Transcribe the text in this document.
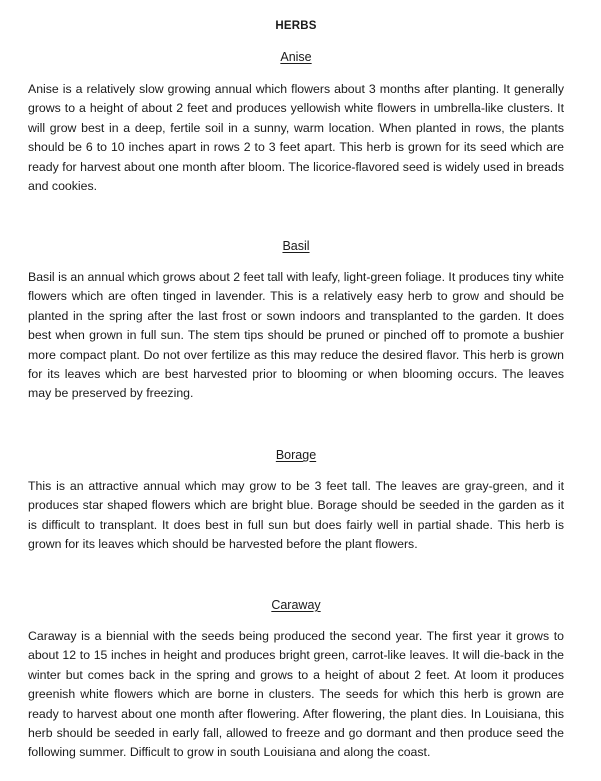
HERBS
Anise

Anise is a relatively slow growing annual which flowers about 3 months after planting. It generally grows to a height of about 2 feet and produces yellowish white flowers in umbrella-like clusters. It will grow best in a deep, fertile soil in a sunny, warm location. When planted in rows, the plants should be 6 to 10 inches apart in rows 2 to 3 feet apart. This herb is grown for its seed which are ready for harvest about one month after bloom. The licorice-flavored seed is widely used in breads and cookies.

Basil

Basil is an annual which grows about 2 feet tall with leafy, light-green foliage. It produces tiny white flowers which are often tinged in lavender. This is a relatively easy herb to grow and should be planted in the spring after the last frost or sown indoors and transplanted to the garden. It does best when grown in full sun. The stem tips should be pruned or pinched off to promote a bushier more compact plant. Do not over fertilize as this may reduce the desired flavor. This herb is grown for its leaves which are best harvested prior to blooming or when blooming occurs. The leaves may be preserved by freezing.

Borage

This is an attractive annual which may grow to be 3 feet tall. The leaves are gray-green, and it produces star shaped flowers which are bright blue. Borage should be seeded in the garden as it is difficult to transplant. It does best in full sun but does fairly well in partial shade. This herb is grown for its leaves which should be harvested before the plant flowers.

Caraway

Caraway is a biennial with the seeds being produced the second year. The first year it grows to about 12 to 15 inches in height and produces bright green, carrot-like leaves. It will die-back in the winter but comes back in the spring and grows to a height of about 2 feet. At loom it produces greenish white flowers which are borne in clusters. The seeds for which this herb is grown are ready to harvest about one month after flowering. After flowering, the plant dies. In Louisiana, this herb should be seeded in early fall, allowed to freeze and go dormant and then produce seed the following summer. Difficult to grow in south Louisiana and along the coast.
